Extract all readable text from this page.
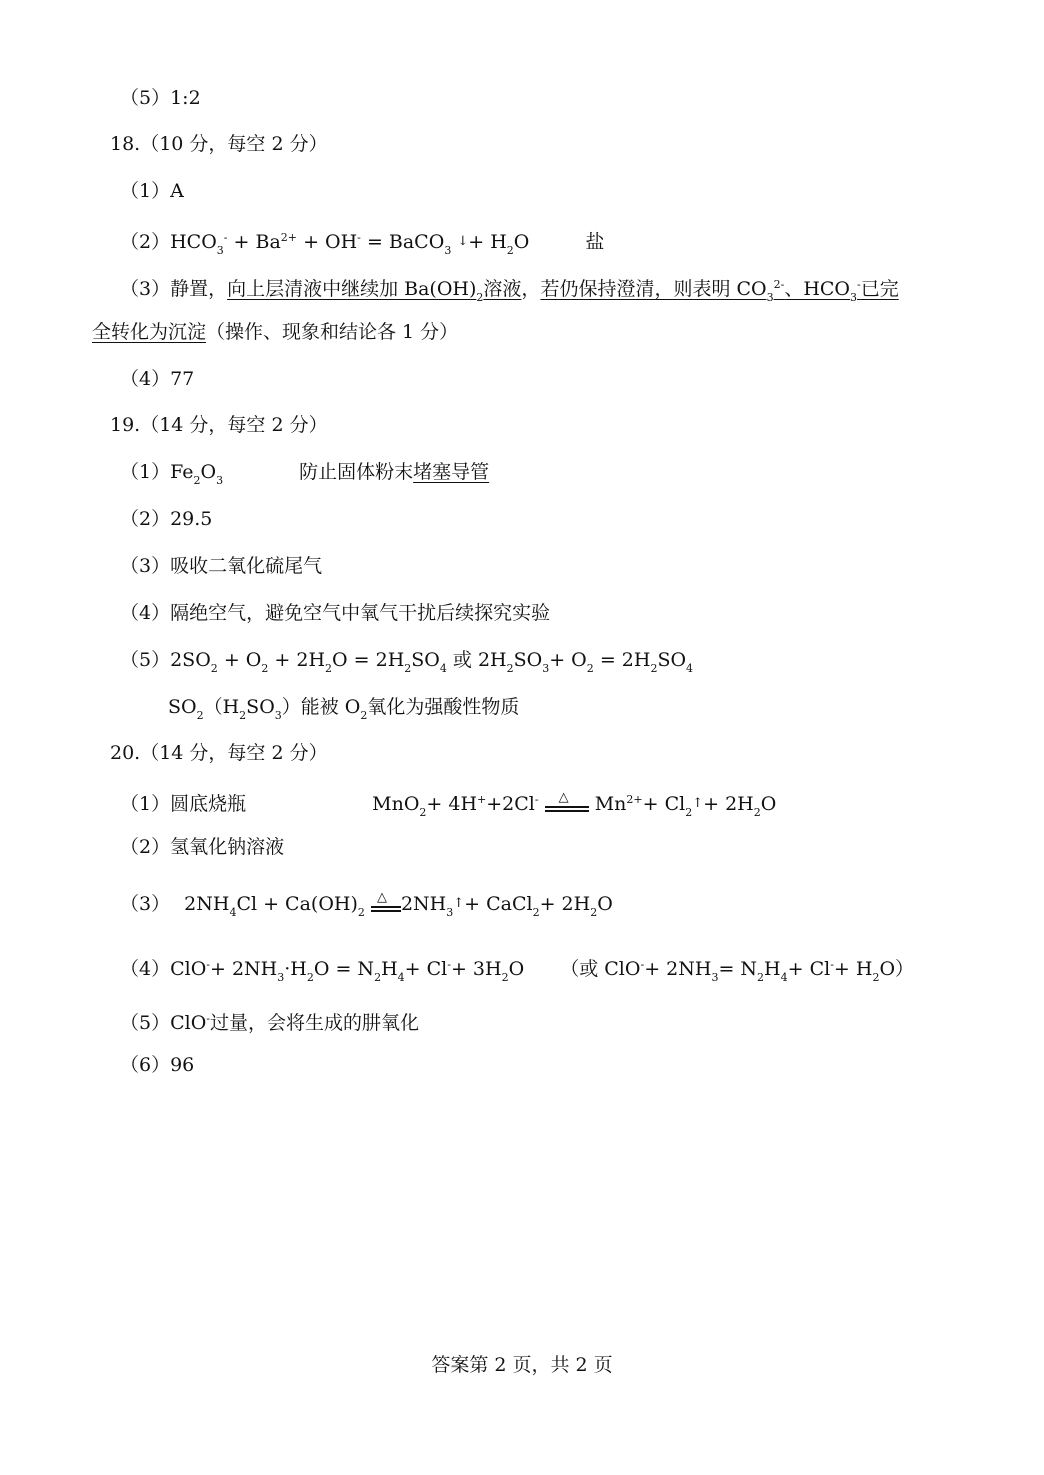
（5）1:2
18.（10 分，每空 2 分）
（1）A
$(2)HCO_3^- + Ba^{2+} + OH^-$ = BaCO$_3$ ↓+ $H_2O$	盐
（3）静置，向上层清液中继续加 $Ba(OH)_2$溶液，若仍保持澄清，则表明 $CO_3^{2-}$、$HCO_3^-$已完
全转化为沉淀（操作、现象和结论各 1 分）
（4）77
19.（14 分，每空 2 分）
$(1)Fe_2O_3$	防止固体粉末堵塞导管
（2）29.5
（3）吸收二氧化硫尾气
（4）隔绝空气，避免空气中氧气干扰后续探究实验
$(5)2SO_2 + O_2 + 2H_2O = 2H_2SO_4$ 或 $2H_2SO_3+ O_2 = 2H_2SO_4$
$SO_2(H_2SO_3)$能被 $O_2$氧化为强酸性物质
20.（14 分，每空 2 分）
（1）圆底烧瓶	MnO$_2$+ 4H++2Cl- △ $Mn^{2+}+$ $Cl_2↑+ 2H_2O$
（2）氢氧化钠溶液
（3） $2NH_4Cl + Ca(OH)_2$
△ $2NH_3↑+$ CaCl$_2$+ $2H_2O$
$(4)ClO^-+ 2NH_3\cdot H_2O = N_2H_4+ Cl^-+ 3H_2O$ （或 $ClO^-+ 2NH_3= N_2H_4+ Cl^-+ H_2O$）
（5）ClO-过量，会将生成的肼氧化
（6）96
答案第 2 页，共 2 页
